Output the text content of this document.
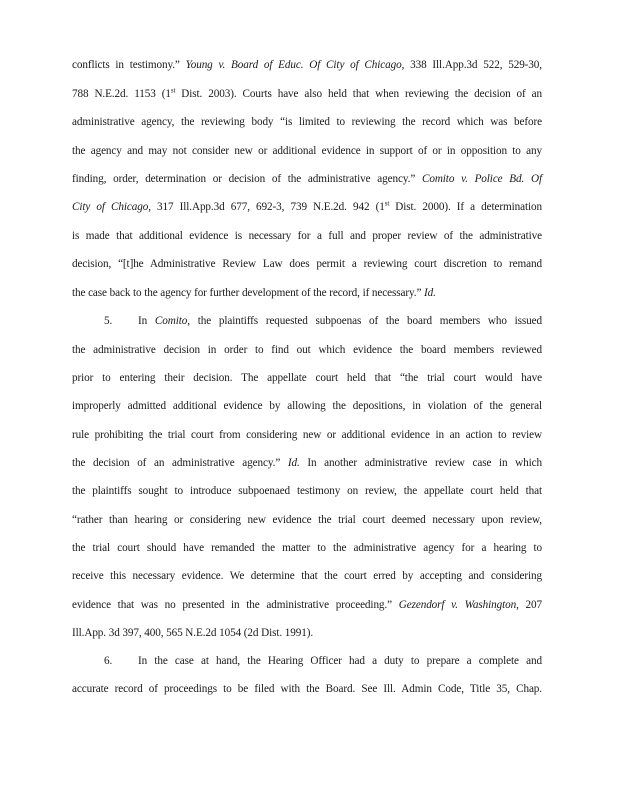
conflicts in testimony.” Young v. Board of Educ. Of City of Chicago, 338 Ill.App.3d 522, 529-30,
788 N.E.2d. 1153 (1st Dist. 2003). Courts have also held that when reviewing the decision of an
administrative agency, the reviewing body “is limited to reviewing the record which was before
the agency and may not consider new or additional evidence in support of or in opposition to any
finding, order, determination or decision of the administrative agency.” Comito v. Police Bd. Of
City of Chicago, 317 Ill.App.3d 677, 692-3, 739 N.E.2d. 942 (1st Dist. 2000). If a determination
is made that additional evidence is necessary for a full and proper review of the administrative
decision, “[t]he Administrative Review Law does permit a reviewing court discretion to remand
the case back to the agency for further development of the record, if necessary.” Id.
5. In Comito, the plaintiffs requested subpoenas of the board members who issued
the administrative decision in order to find out which evidence the board members reviewed
prior to entering their decision. The appellate court held that “the trial court would have
improperly admitted additional evidence by allowing the depositions, in violation of the general
rule prohibiting the trial court from considering new or additional evidence in an action to review
the decision of an administrative agency.” Id. In another administrative review case in which
the plaintiffs sought to introduce subpoenaed testimony on review, the appellate court held that
“rather than hearing or considering new evidence the trial court deemed necessary upon review,
the trial court should have remanded the matter to the administrative agency for a hearing to
receive this necessary evidence. We determine that the court erred by accepting and considering
evidence that was no presented in the administrative proceeding.” Gezendorf v. Washington, 207
Ill.App. 3d 397, 400, 565 N.E.2d 1054 (2d Dist. 1991).
6. In the case at hand, the Hearing Officer had a duty to prepare a complete and
accurate record of proceedings to be filed with the Board. See Ill. Admin Code, Title 35, Chap.
